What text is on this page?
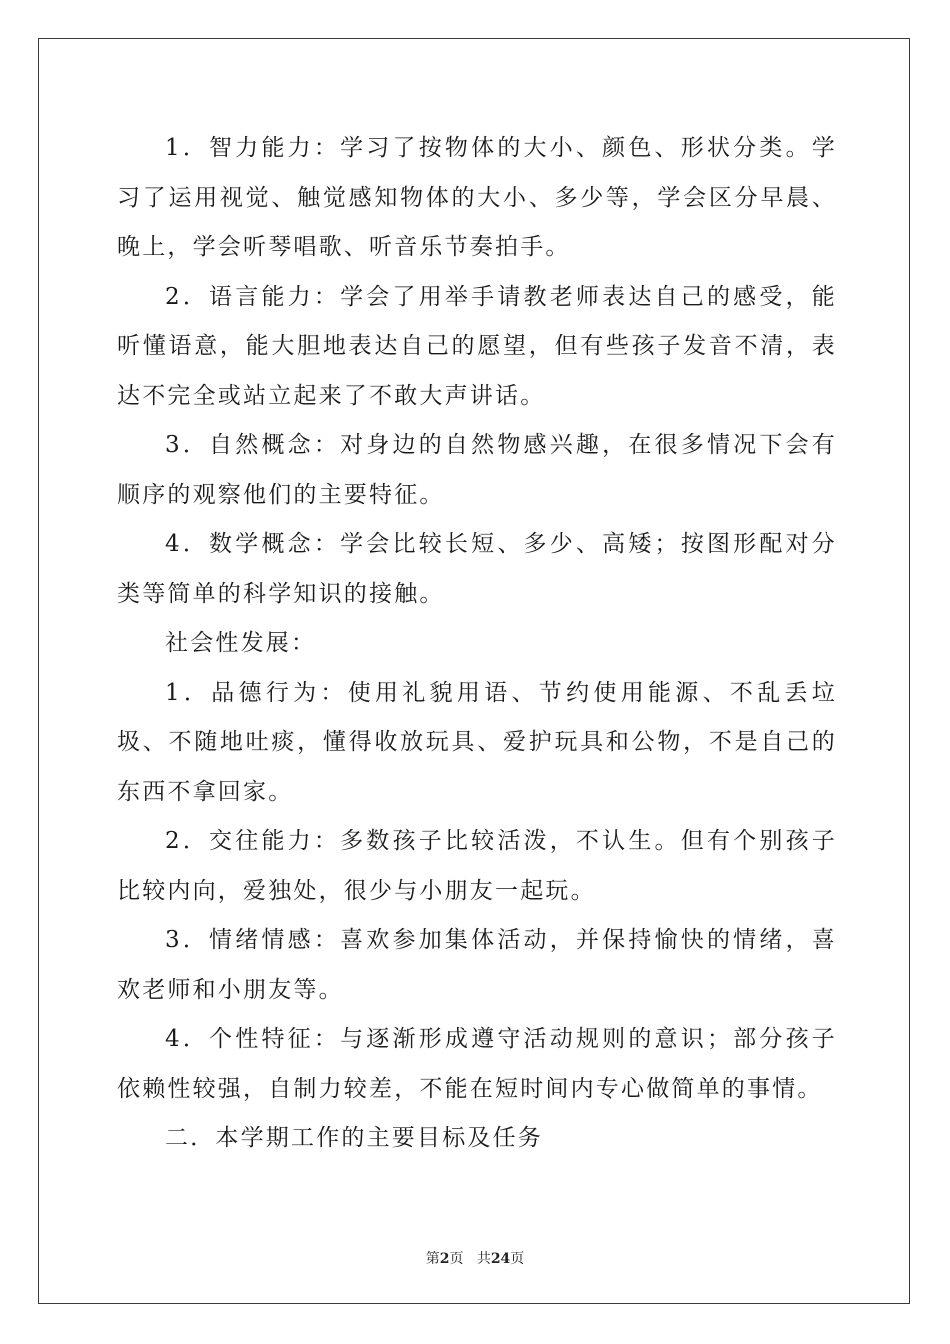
1．智力能力：学习了按物体的大小、颜色、形状分类。学习了运用视觉、触觉感知物体的大小、多少等，学会区分早晨、晚上，学会听琴唱歌、听音乐节奏拍手。

2．语言能力：学会了用举手请教老师表达自己的感受，能听懂语意，能大胆地表达自己的愿望，但有些孩子发音不清，表达不完全或站立起来了不敢大声讲话。

3．自然概念：对身边的自然物感兴趣，在很多情况下会有顺序的观察他们的主要特征。

4．数学概念：学会比较长短、多少、高矮；按图形配对分类等简单的科学知识的接触。

社会性发展：

1．品德行为：使用礼貌用语、节约使用能源、不乱丢垃圾、不随地吐痰，懂得收放玩具、爱护玩具和公物，不是自己的东西不拿回家。

2．交往能力：多数孩子比较活泼，不认生。但有个别孩子比较内向，爱独处，很少与小朋友一起玩。

3．情绪情感：喜欢参加集体活动，并保持愉快的情绪，喜欢老师和小朋友等。

4．个性特征：与逐渐形成遵守活动规则的意识；部分孩子依赖性较强，自制力较差，不能在短时间内专心做简单的事情。

二．本学期工作的主要目标及任务

第2页 共24页
